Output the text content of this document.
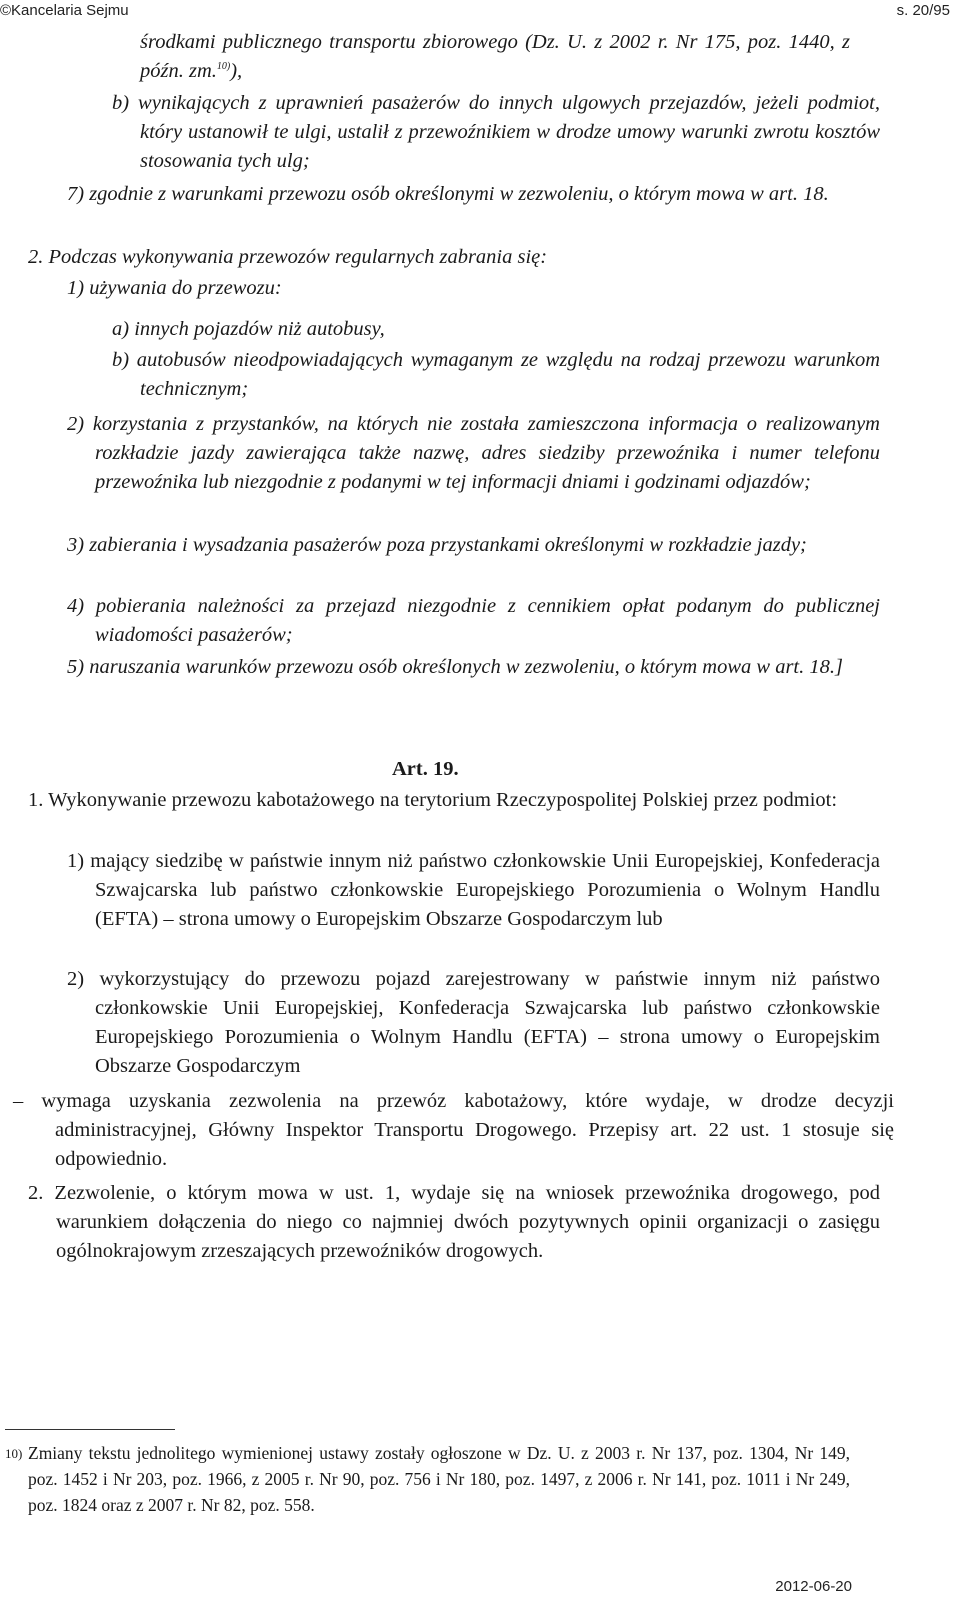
©Kancelaria Sejmu	s. 20/95

środkami publicznego transportu zbiorowego (Dz. U. z 2002 r. Nr 175, poz. 1440, z późn. zm.$^{10)}$),

b) wynikających z uprawnień pasażerów do innych ulgowych przejazdów, jeżeli podmiot, który ustanowił te ulgi, ustalił z przewoźnikiem w drodze umowy warunki zwrotu kosztów stosowania tych ulg;

7) zgodnie z warunkami przewozu osób określonymi w zezwoleniu, o którym mowa w art. 18.

2. Podczas wykonywania przewozów regularnych zabrania się:

1) używania do przewozu:

a) innych pojazdów niż autobusy,

b) autobusów nieodpowiadających wymaganym ze względu na rodzaj przewozu warunkom technicznym;

2) korzystania z przystanków, na których nie została zamieszczona informacja o realizowanym rozkładzie jazdy zawierająca także nazwę, adres siedziby przewoźnika i numer telefonu przewoźnika lub niezgodnie z podanymi w tej informacji dniami i godzinami odjazdów;

3) zabierania i wysadzania pasażerów poza przystankami określonymi w rozkładzie jazdy;

4) pobierania należności za przejazd niezgodnie z cennikiem opłat podanym do publicznej wiadomości pasażerów;

5) naruszania warunków przewozu osób określonych w zezwoleniu, o którym mowa w art. 18.]

Art. 19.

1. Wykonywanie przewozu kabotażowego na terytorium Rzeczypospolitej Polskiej przez podmiot:

1) mający siedzibę w państwie innym niż państwo członkowskie Unii Europejskiej, Konfederacja Szwajcarska lub państwo członkowskie Europejskiego Porozumienia o Wolnym Handlu (EFTA) – strona umowy o Europejskim Obszarze Gospodarczym lub

2) wykorzystujący do przewozu pojazd zarejestrowany w państwie innym niż państwo członkowskie Unii Europejskiej, Konfederacja Szwajcarska lub państwo członkowskie Europejskiego Porozumienia o Wolnym Handlu (EFTA) – strona umowy o Europejskim Obszarze Gospodarczym

– wymaga uzyskania zezwolenia na przewóz kabotażowy, które wydaje, w drodze decyzji administracyjnej, Główny Inspektor Transportu Drogowego. Przepisy art. 22 ust. 1 stosuje się odpowiednio.

2. Zezwolenie, o którym mowa w ust. 1, wydaje się na wniosek przewoźnika drogowego, pod warunkiem dołączenia do niego co najmniej dwóch pozytywnych opinii organizacji o zasięgu ogólnokrajowym zrzeszających przewoźników drogowych.

10) Zmiany tekstu jednolitego wymienionej ustawy zostały ogłoszone w Dz. U. z 2003 r. Nr 137, poz. 1304, Nr 149, poz. 1452 i Nr 203, poz. 1966, z 2005 r. Nr 90, poz. 756 i Nr 180, poz. 1497, z 2006 r. Nr 141, poz. 1011 i Nr 249, poz. 1824 oraz z 2007 r. Nr 82, poz. 558.

2012-06-20
